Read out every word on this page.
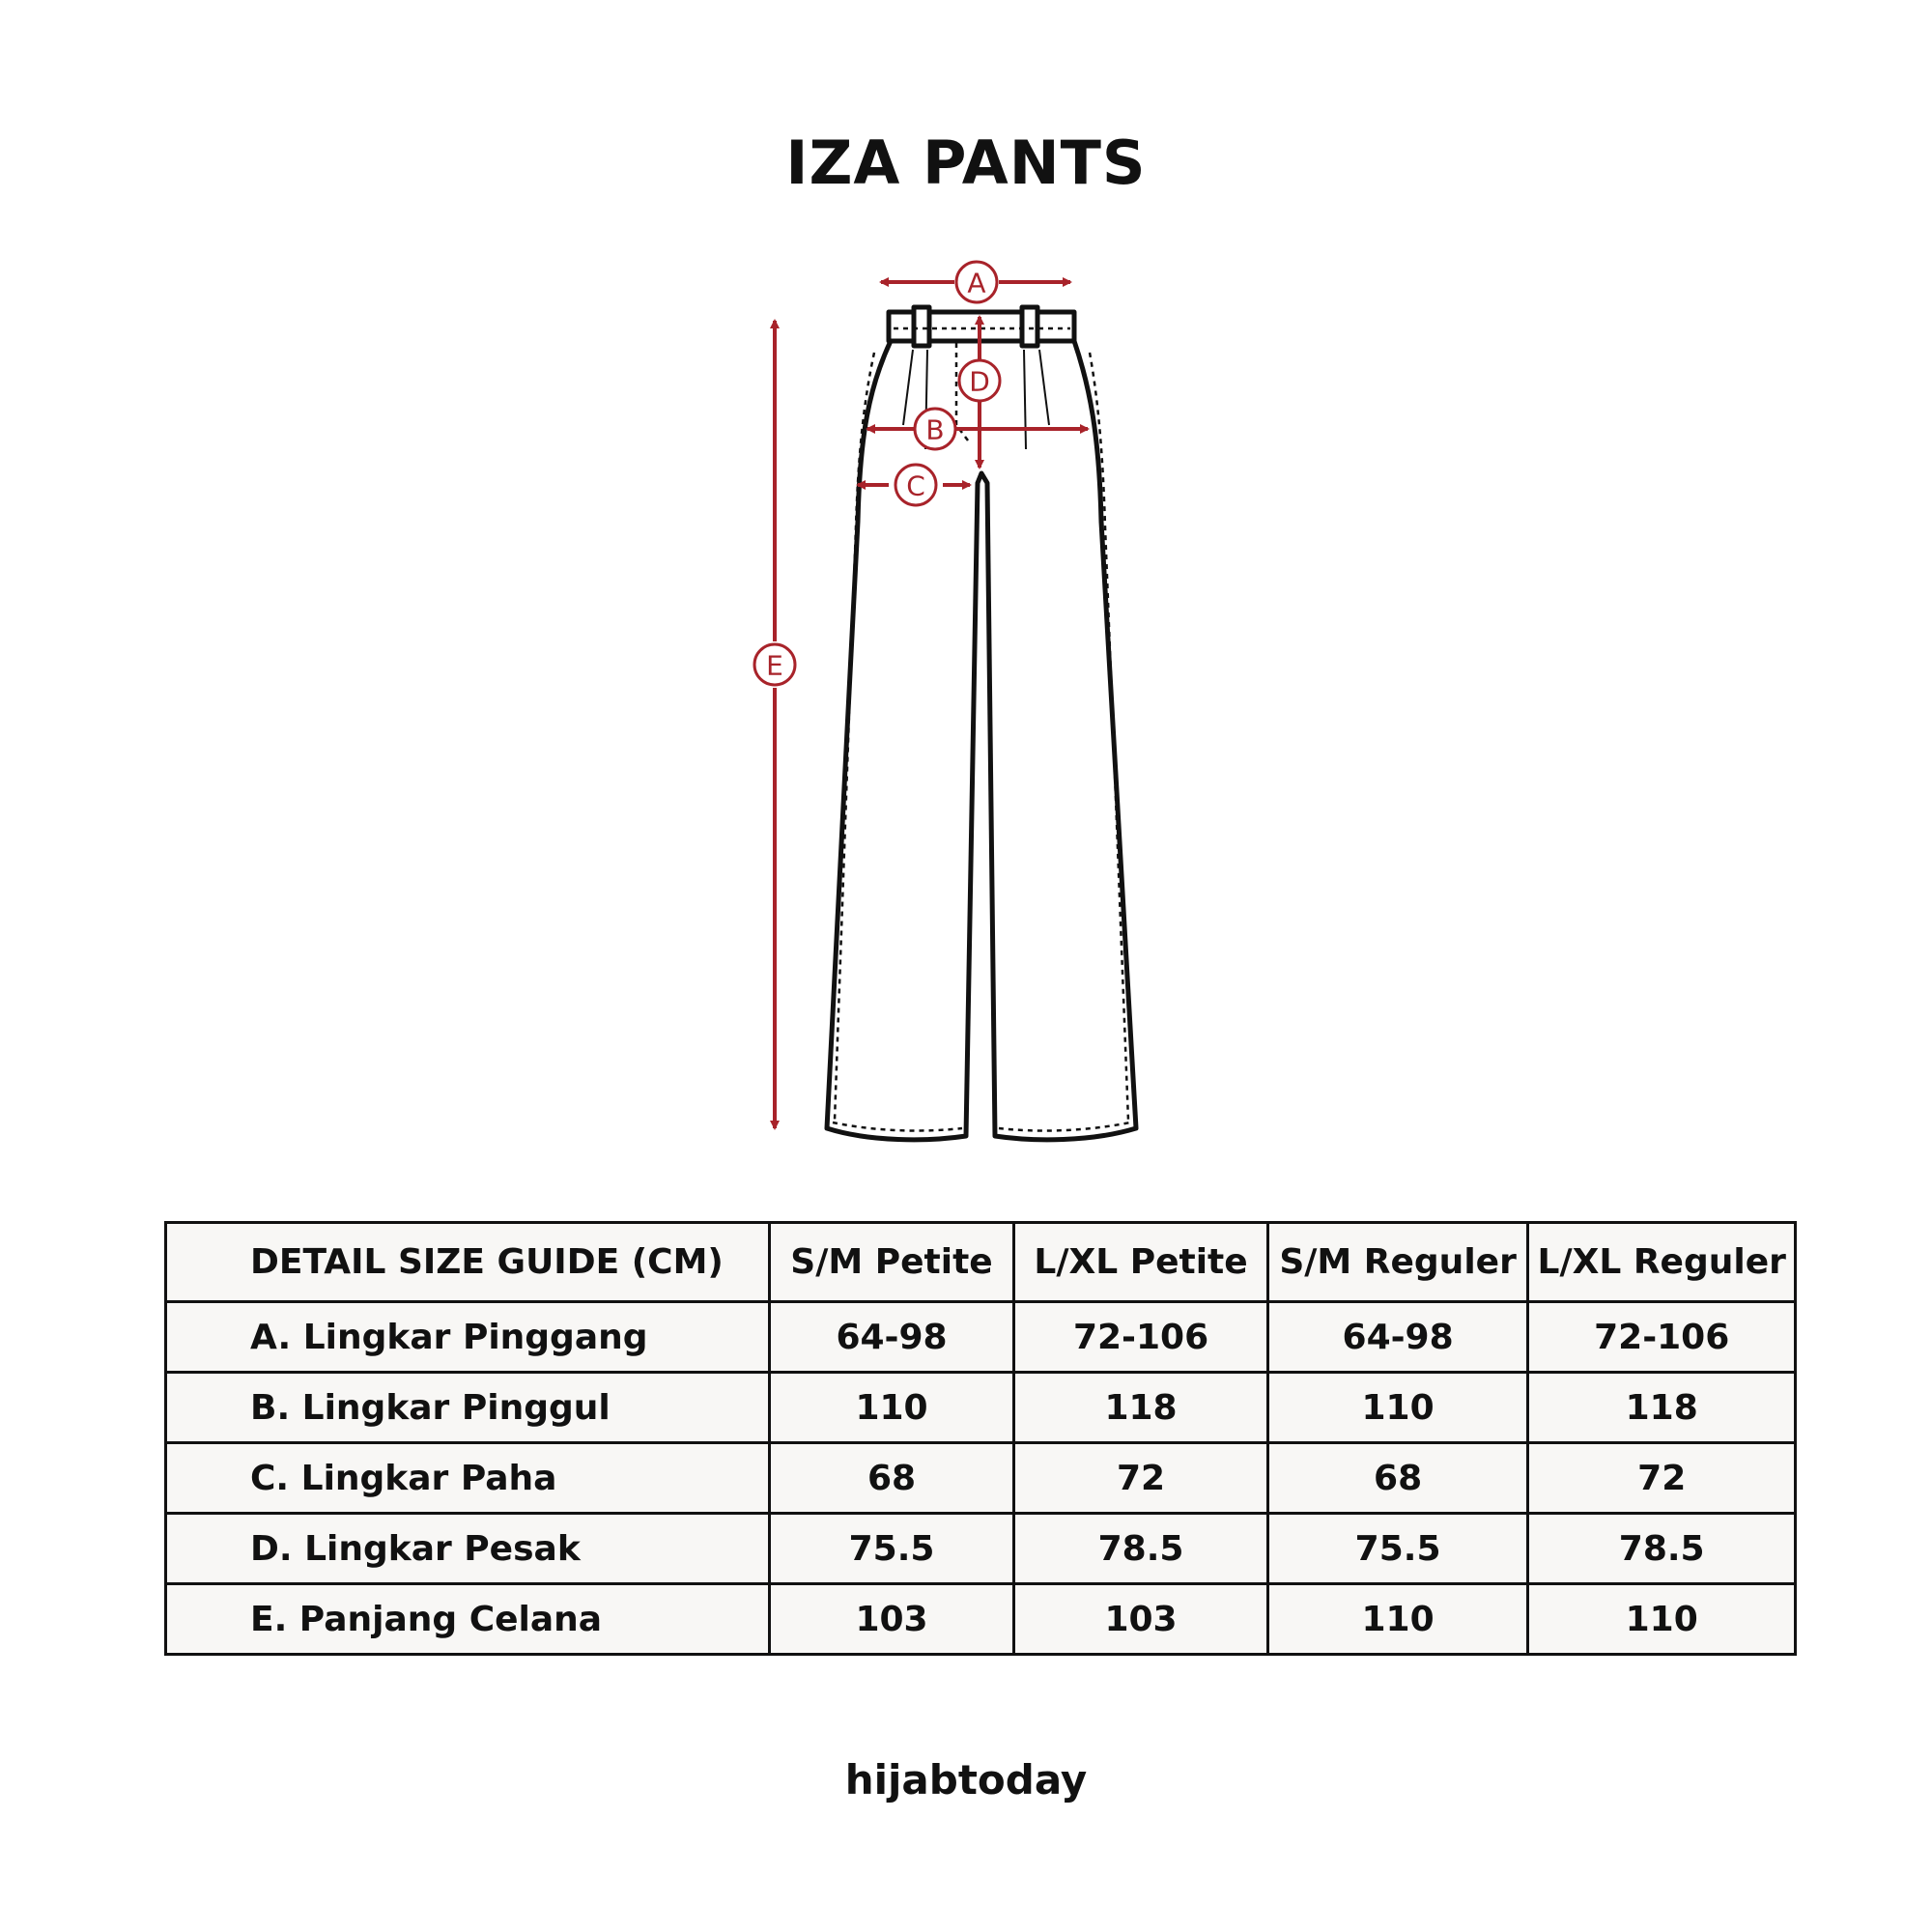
IZA PANTS
A
B
C
D
E
DETAIL SIZE GUIDE (CM)	S/M Petite	L/XL Petite	S/M Reguler	L/XL Reguler
A. Lingkar Pinggang	64-98	72-106	64-98	72-106
B. Lingkar Pinggul	110	118	110	118
C. Lingkar Paha	68	72	68	72
D. Lingkar Pesak	75.5	78.5	75.5	78.5
E. Panjang Celana	103	103	110	110
hijabtoday
